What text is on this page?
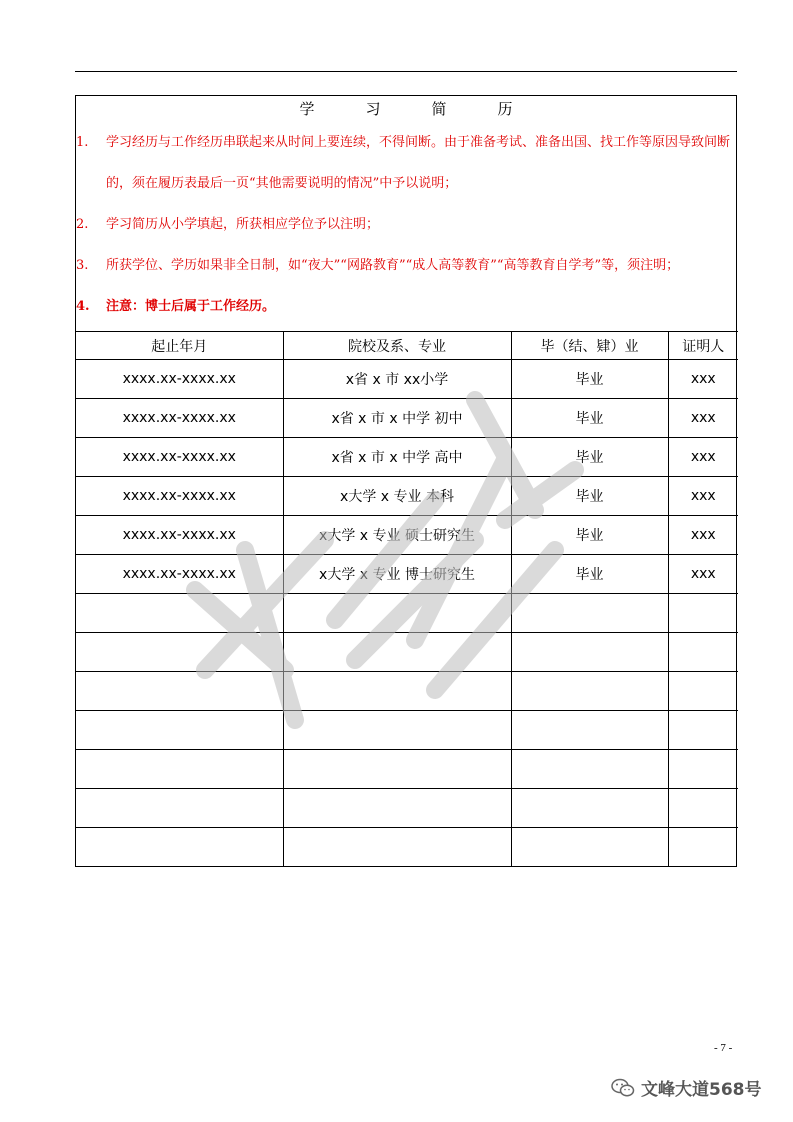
学　习　简　历
1.	学习经历与工作经历串联起来从时间上要连续，不得间断。由于准备考试、准备出国、找工作等原因导致间断的，须在履历表最后一页“其他需要说明的情况”中予以说明；
2.	学习简历从小学填起，所获相应学位予以注明；
3.	所获学位、学历如果非全日制，如“夜大”“网路教育”“成人高等教育”“高等教育自学考”等，须注明；
4.	注意：博士后属于工作经历。
起止年月	院校及系、专业	毕（结、肄）业	证明人
xxxx.xx-xxxx.xx	x省 x 市 xx小学	毕业	xxx
xxxx.xx-xxxx.xx	x省 x 市 x 中学 初中	毕业	xxx
xxxx.xx-xxxx.xx	x省 x 市 x 中学 高中	毕业	xxx
xxxx.xx-xxxx.xx	x大学 x 专业 本科	毕业	xxx
xxxx.xx-xxxx.xx	x大学 x 专业 硕士研究生	毕业	xxx
xxxx.xx-xxxx.xx	x大学 x 专业 博士研究生	毕业	xxx

- 7 -
文峰大道568号
